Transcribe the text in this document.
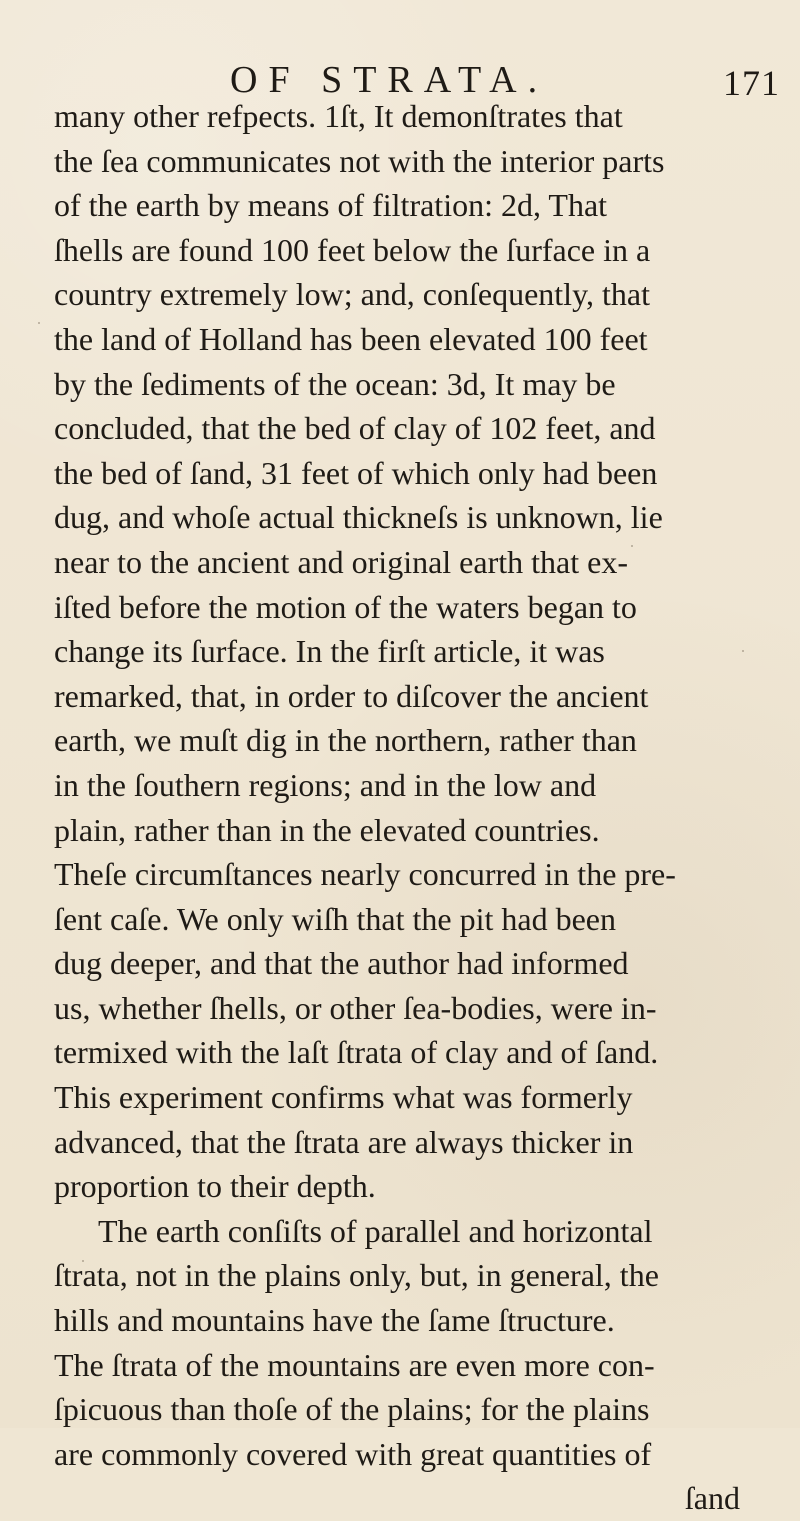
OF STRATA.	171
many other refpects. 1ſt, It demonſtrates that
the ſea communicates not with the interior parts
of the earth by means of filtration: 2d, That
ſhells are found 100 feet below the ſurface in a
country extremely low; and, conſequently, that
the land of Holland has been elevated 100 feet
by the ſediments of the ocean: 3d, It may be
concluded, that the bed of clay of 102 feet, and
the bed of ſand, 31 feet of which only had been
dug, and whoſe actual thickneſs is unknown, lie
near to the ancient and original earth that ex-
iſted before the motion of the waters began to
change its ſurface. In the firſt article, it was
remarked, that, in order to diſcover the ancient
earth, we muſt dig in the northern, rather than
in the ſouthern regions; and in the low and
plain, rather than in the elevated countries.
Theſe circumſtances nearly concurred in the pre-
ſent caſe. We only wiſh that the pit had been
dug deeper, and that the author had informed
us, whether ſhells, or other ſea-bodies, were in-
termixed with the laſt ſtrata of clay and of ſand.
This experiment confirms what was formerly
advanced, that the ſtrata are always thicker in
proportion to their depth.
The earth conſiſts of parallel and horizontal
ſtrata, not in the plains only, but, in general, the
hills and mountains have the ſame ſtructure.
The ſtrata of the mountains are even more con-
ſpicuous than thoſe of the plains; for the plains
are commonly covered with great quantities of
ſand
